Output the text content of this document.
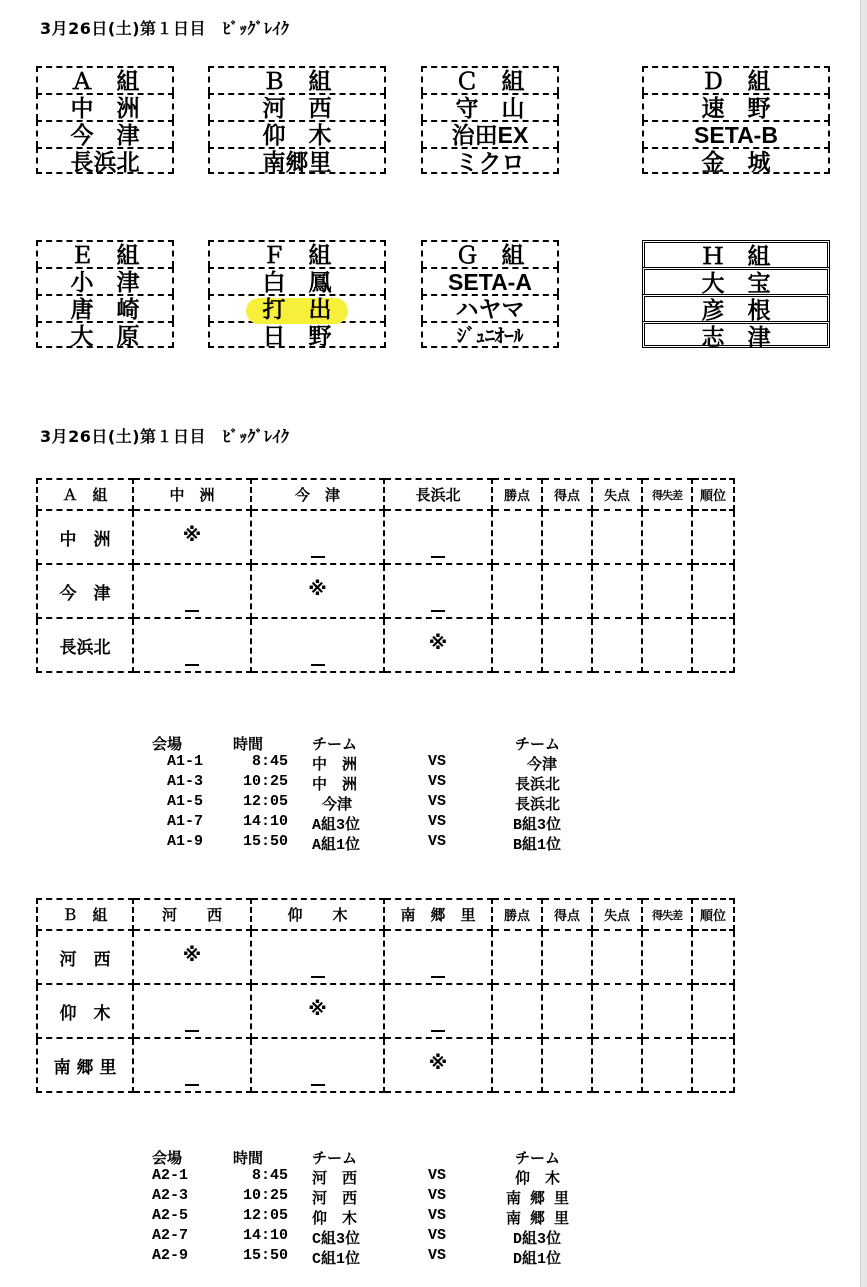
3月26日(土)第１日目　ﾋﾞｯｸﾞﾚｲｸ
Ａ　組
中　洲
今　津
長浜北
Ｂ　組
河　西
仰　木
南郷里
Ｃ　組
守　山
治田EX
ミクロ
Ｄ　組
速　野
SETA-B
金　城
Ｅ　組
小　津
唐　崎
大　原
Ｆ　組
白　鳳
打　出
日　野
Ｇ　組
SETA-A
ハヤマ
ｼﾞｭﾆｵｰﾙ
Ｈ　組
大　宝
彦　根
志　津
3月26日(土)第１日目　ﾋﾞｯｸﾞﾚｲｸ
Ａ　組	中　洲	今　津	長浜北	勝点	得点	失点	得失差	順位
中　洲	※							
今　津		※						
長浜北			※					
会場	時間	チーム	チーム
A1-1	8:45 中　洲	VS	今津
A1-3	10:25 中　洲	VS	長浜北
A1-5	12:05 今津	VS	長浜北
A1-7	14:10 A組3位	VS	B組3位
A1-9	15:50 A組1位	VS	B組1位
Ｂ　組	河　　西	仰　　木	南　郷　里	勝点	得点	失点	得失差	順位
河　西	※							
仰　木		※						
南 郷 里			※					
会場	時間	チーム	チーム
A2-1	8:45 河　西	VS	仰　木
A2-3	10:25 河　西	VS	南 郷 里
A2-5	12:05 仰　木	VS	南 郷 里
A2-7	14:10 C組3位	VS	D組3位
A2-9	15:50 C組1位	VS	D組1位
